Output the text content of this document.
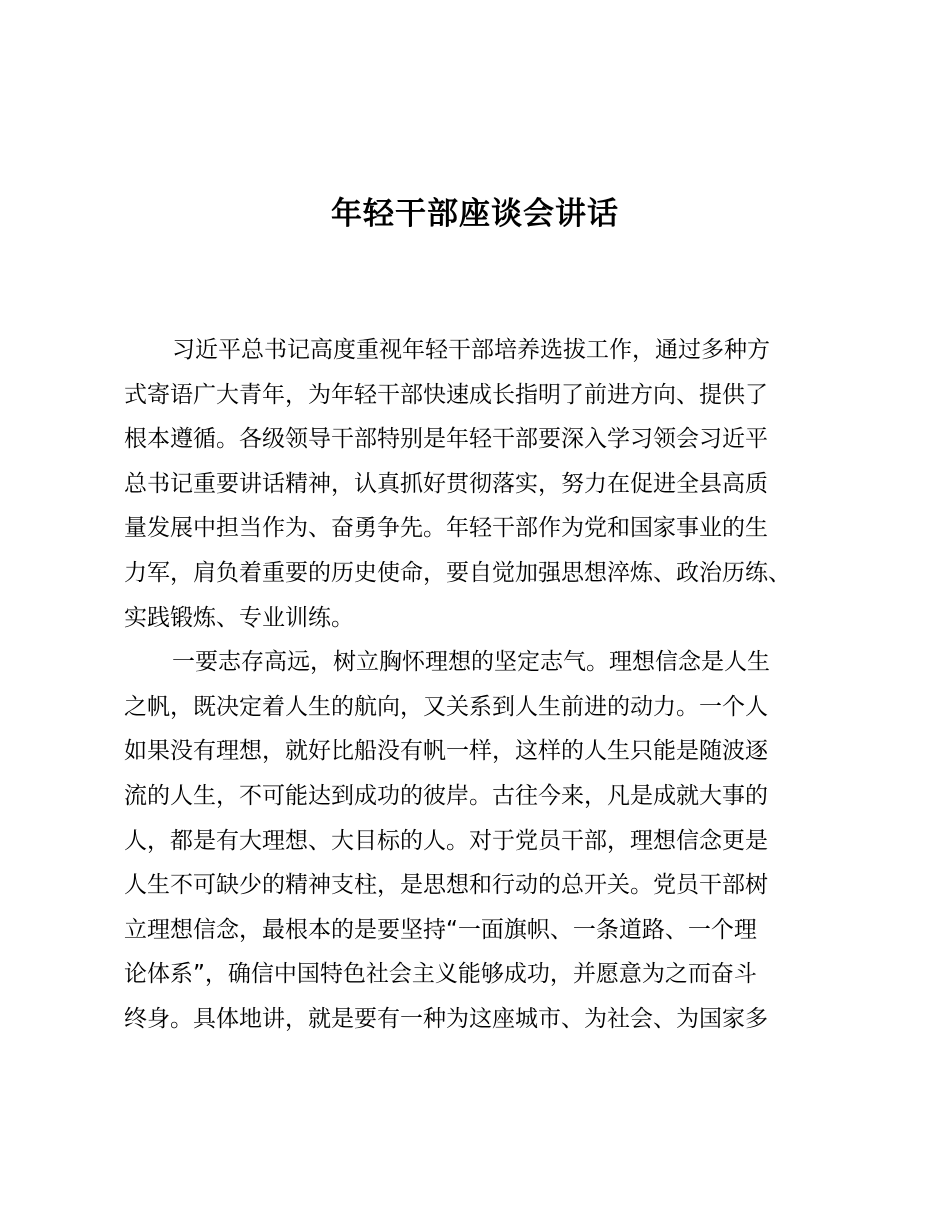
年轻干部座谈会讲话
习近平总书记高度重视年轻干部培养选拔工作，通过多种方
式寄语广大青年，为年轻干部快速成长指明了前进方向、提供了
根本遵循。各级领导干部特别是年轻干部要深入学习领会习近平
总书记重要讲话精神，认真抓好贯彻落实，努力在促进全县高质
量发展中担当作为、奋勇争先。年轻干部作为党和国家事业的生
力军，肩负着重要的历史使命，要自觉加强思想淬炼、政治历练、
实践锻炼、专业训练。
一要志存高远，树立胸怀理想的坚定志气。理想信念是人生
之帆，既决定着人生的航向，又关系到人生前进的动力。一个人
如果没有理想，就好比船没有帆一样，这样的人生只能是随波逐
流的人生，不可能达到成功的彼岸。古往今来，凡是成就大事的
人，都是有大理想、大目标的人。对于党员干部，理想信念更是
人生不可缺少的精神支柱，是思想和行动的总开关。党员干部树
立理想信念，最根本的是要坚持“一面旗帜、一条道路、一个理
论体系”，确信中国特色社会主义能够成功，并愿意为之而奋斗
终身。具体地讲，就是要有一种为这座城市、为社会、为国家多
